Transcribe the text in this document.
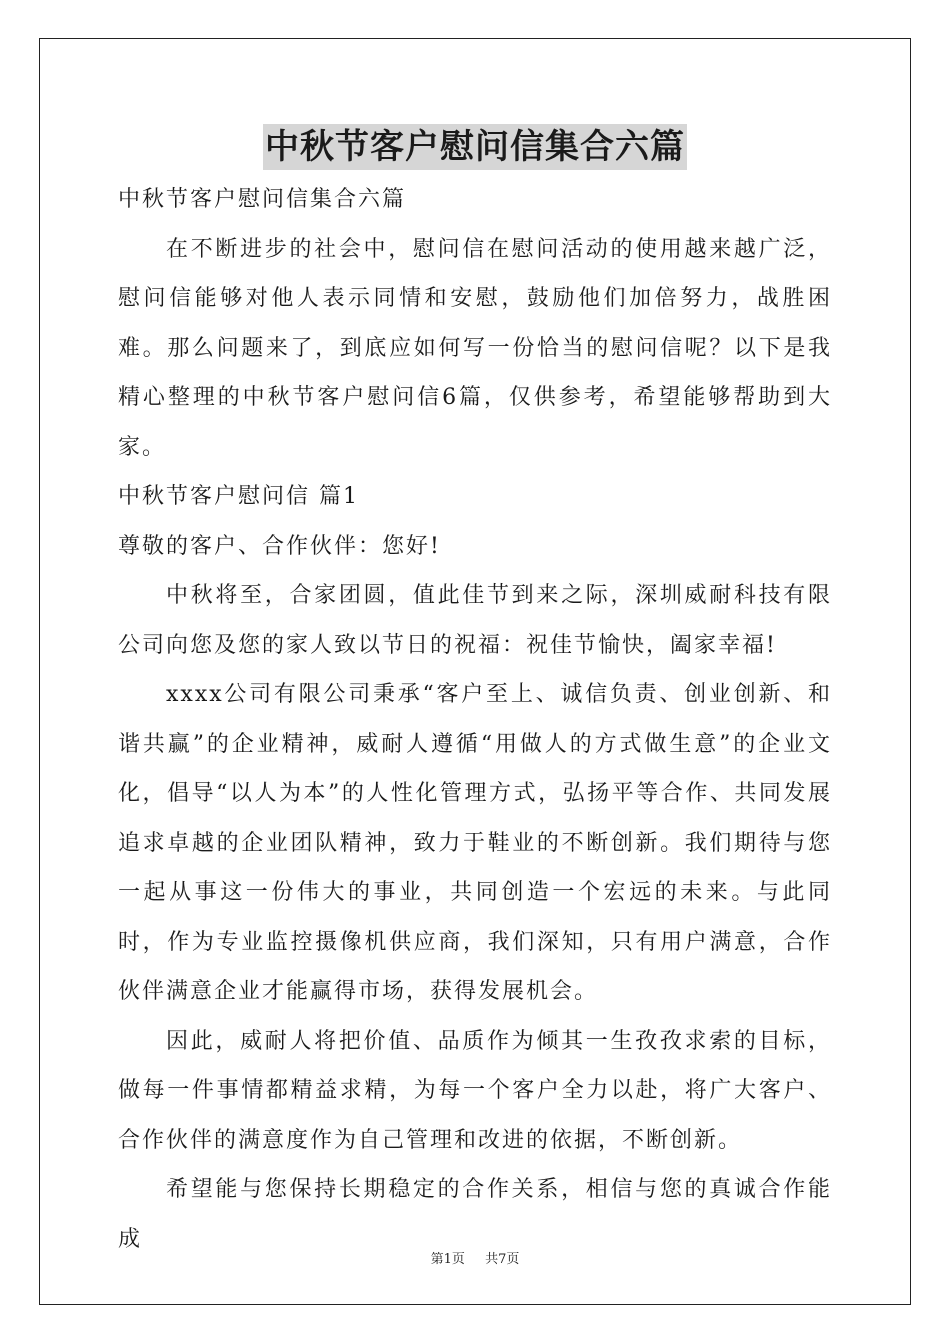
中秋节客户慰问信集合六篇

中秋节客户慰问信集合六篇

在不断进步的社会中，慰问信在慰问活动的使用越来越广泛，慰问信能够对他人表示同情和安慰，鼓励他们加倍努力，战胜困难。那么问题来了，到底应如何写一份恰当的慰问信呢？以下是我精心整理的中秋节客户慰问信6篇，仅供参考，希望能够帮助到大家。

中秋节客户慰问信 篇1

尊敬的客户、合作伙伴：您好!

中秋将至，合家团圆，值此佳节到来之际，深圳威耐科技有限公司向您及您的家人致以节日的祝福：祝佳节愉快，阖家幸福!

xxxx公司有限公司秉承“客户至上、诚信负责、创业创新、和谐共赢”的企业精神，威耐人遵循“用做人的方式做生意”的企业文化，倡导“以人为本”的人性化管理方式，弘扬平等合作、共同发展追求卓越的企业团队精神，致力于鞋业的不断创新。我们期待与您一起从事这一份伟大的事业，共同创造一个宏远的未来。与此同时，作为专业监控摄像机供应商，我们深知，只有用户满意，合作伙伴满意企业才能赢得市场，获得发展机会。

因此，威耐人将把价值、品质作为倾其一生孜孜求索的目标，做每一件事情都精益求精，为每一个客户全力以赴，将广大客户、合作伙伴的满意度作为自己管理和改进的依据，不断创新。

希望能与您保持长期稳定的合作关系，相信与您的真诚合作能成

第1页 共7页
